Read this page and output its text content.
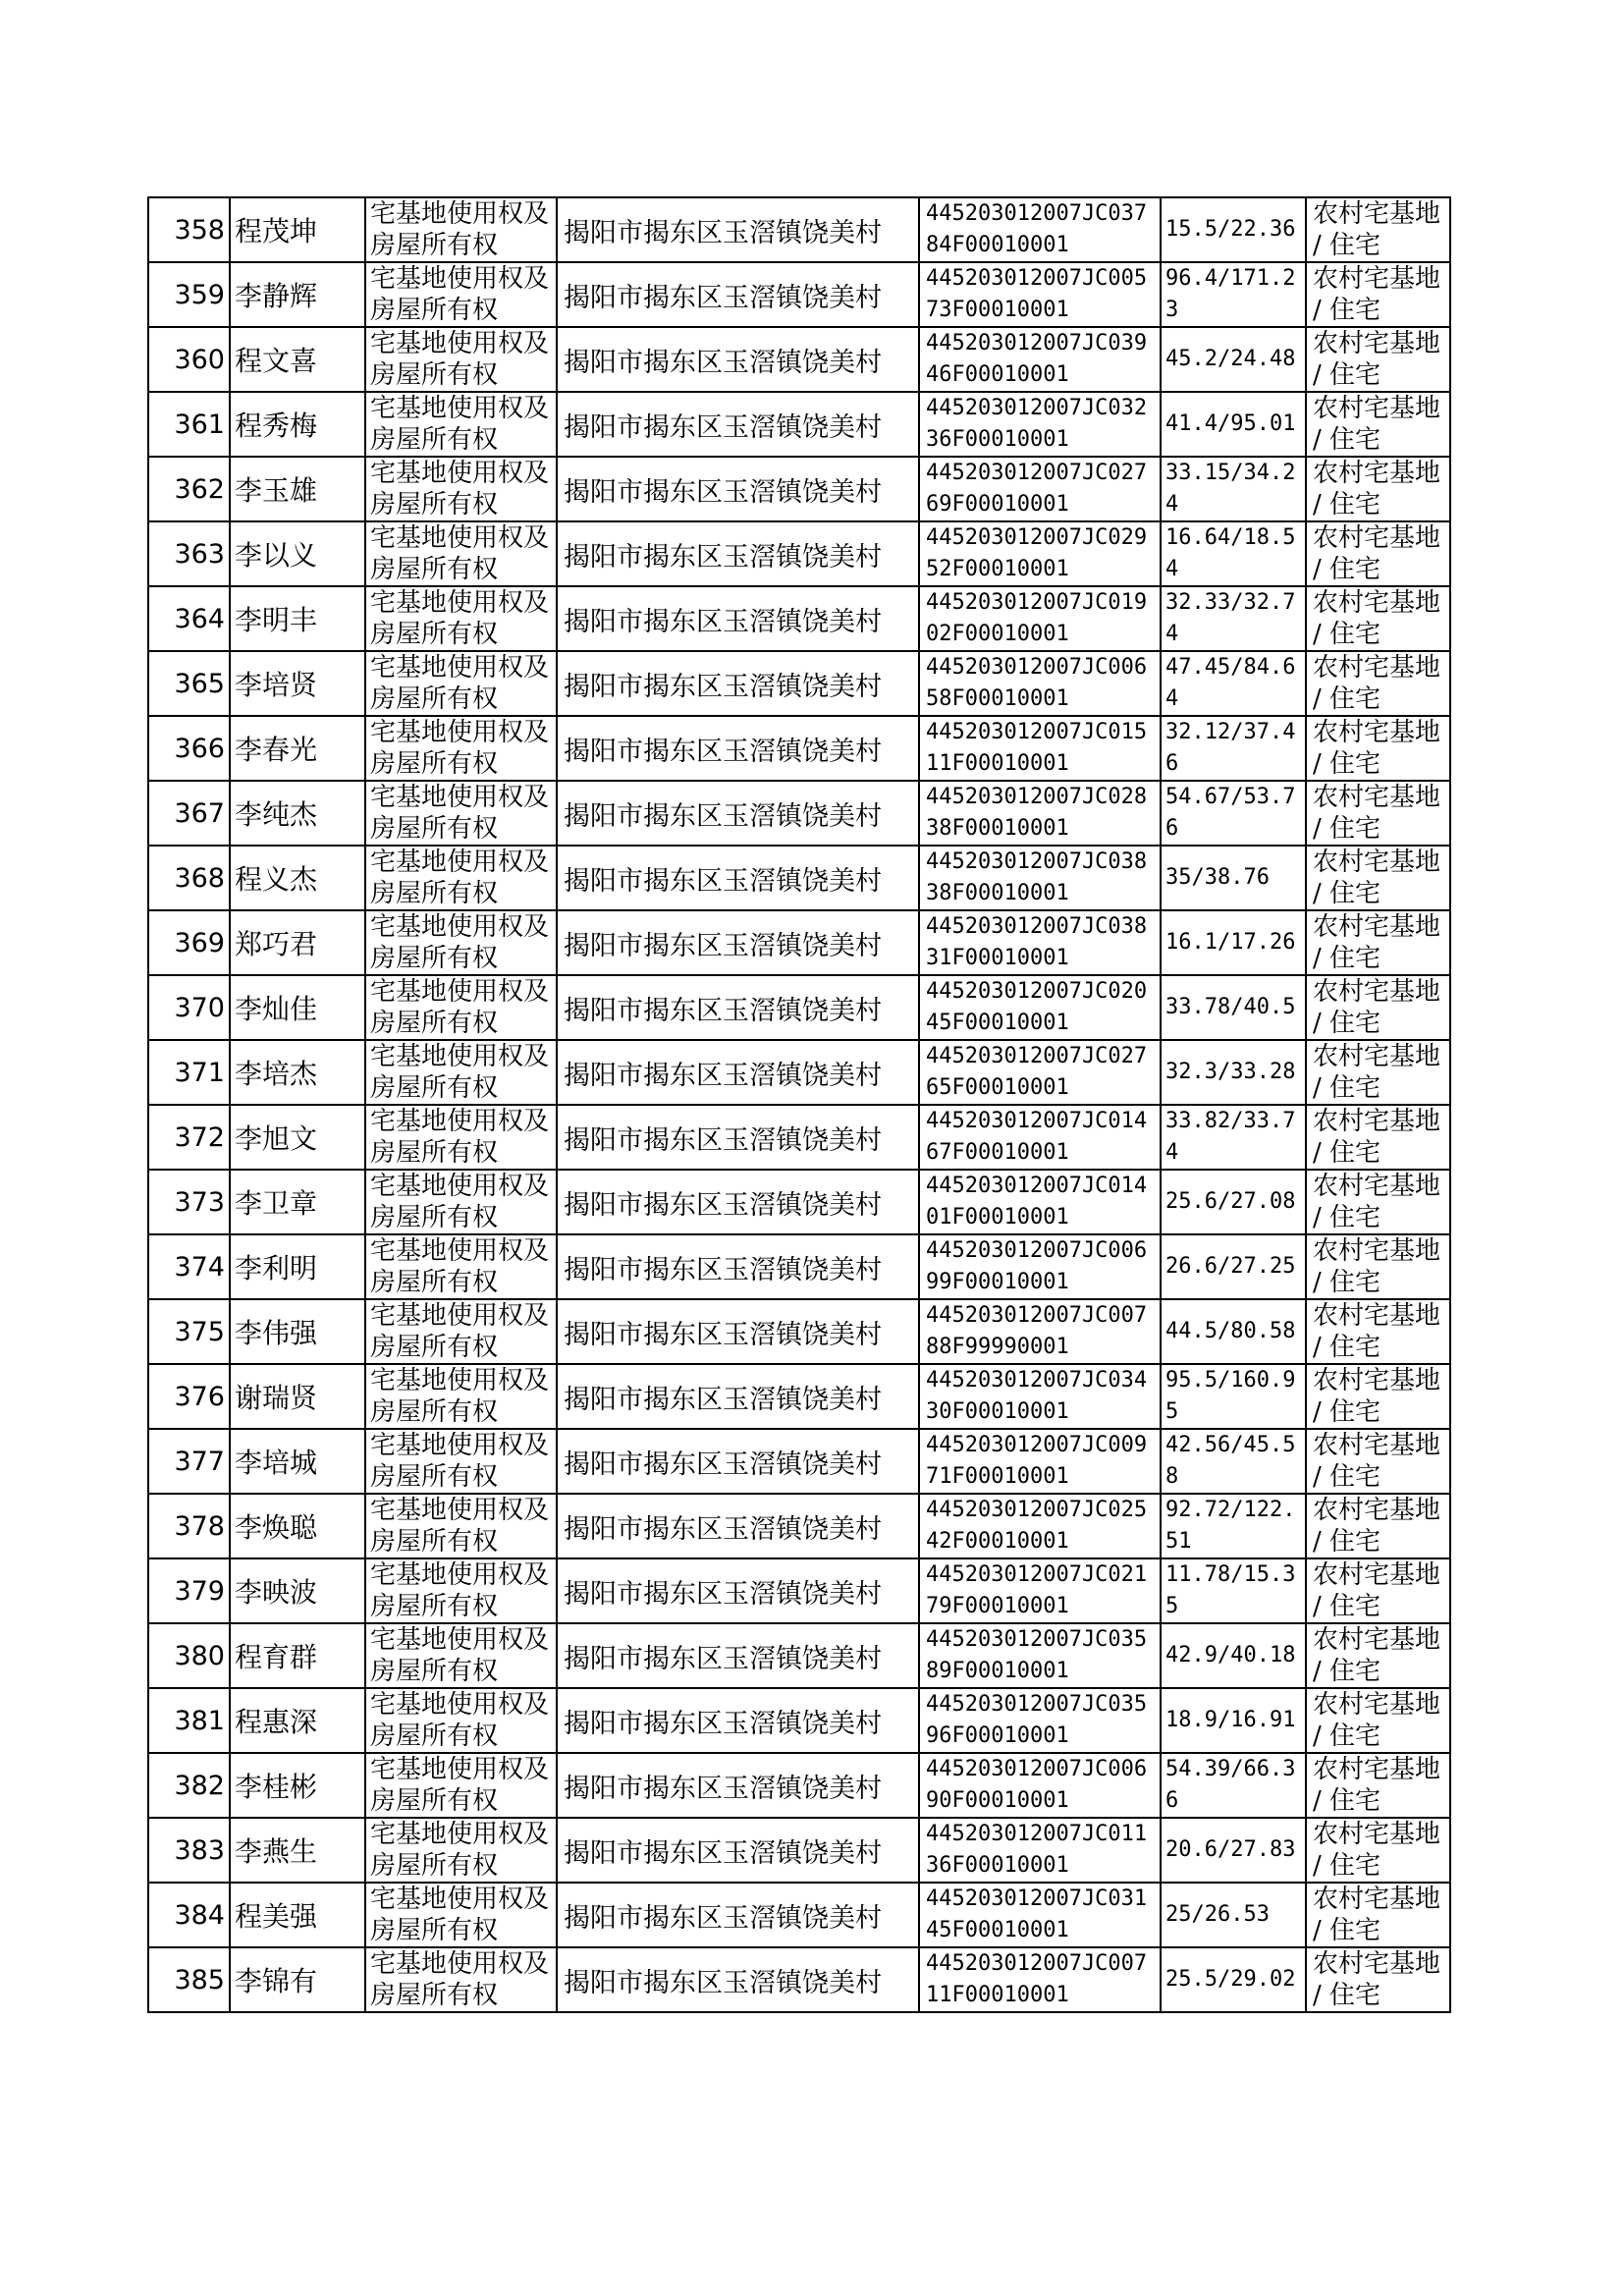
358	程茂坤	宅基地使用权及房屋所有权	揭阳市揭东区玉滘镇饶美村	445203012007JC03784F00010001	15.5/22.36	农村宅基地 / 住宅

359	李静辉	宅基地使用权及房屋所有权	揭阳市揭东区玉滘镇饶美村	445203012007JC00573F00010001	96.4/171.23	农村宅基地 / 住宅

360	程文喜	宅基地使用权及房屋所有权	揭阳市揭东区玉滘镇饶美村	445203012007JC03946F00010001	45.2/24.48	农村宅基地 / 住宅

361	程秀梅	宅基地使用权及房屋所有权	揭阳市揭东区玉滘镇饶美村	445203012007JC03236F00010001	41.4/95.01	农村宅基地 / 住宅

362	李玉雄	宅基地使用权及房屋所有权	揭阳市揭东区玉滘镇饶美村	445203012007JC02769F00010001	33.15/34.24	农村宅基地 / 住宅

363	李以义	宅基地使用权及房屋所有权	揭阳市揭东区玉滘镇饶美村	445203012007JC02952F00010001	16.64/18.54	农村宅基地 / 住宅

364	李明丰	宅基地使用权及房屋所有权	揭阳市揭东区玉滘镇饶美村	445203012007JC01902F00010001	32.33/32.74	农村宅基地 / 住宅

365	李培贤	宅基地使用权及房屋所有权	揭阳市揭东区玉滘镇饶美村	445203012007JC00658F00010001	47.45/84.64	农村宅基地 / 住宅

366	李春光	宅基地使用权及房屋所有权	揭阳市揭东区玉滘镇饶美村	445203012007JC01511F00010001	32.12/37.46	农村宅基地 / 住宅

367	李纯杰	宅基地使用权及房屋所有权	揭阳市揭东区玉滘镇饶美村	445203012007JC02838F00010001	54.67/53.76	农村宅基地 / 住宅

368	程义杰	宅基地使用权及房屋所有权	揭阳市揭东区玉滘镇饶美村	445203012007JC03838F00010001	35/38.76	农村宅基地 / 住宅

369	郑巧君	宅基地使用权及房屋所有权	揭阳市揭东区玉滘镇饶美村	445203012007JC03831F00010001	16.1/17.26	农村宅基地 / 住宅

370	李灿佳	宅基地使用权及房屋所有权	揭阳市揭东区玉滘镇饶美村	445203012007JC02045F00010001	33.78/40.5	农村宅基地 / 住宅

371	李培杰	宅基地使用权及房屋所有权	揭阳市揭东区玉滘镇饶美村	445203012007JC02765F00010001	32.3/33.28	农村宅基地 / 住宅

372	李旭文	宅基地使用权及房屋所有权	揭阳市揭东区玉滘镇饶美村	445203012007JC01467F00010001	33.82/33.74	农村宅基地 / 住宅

373	李卫章	宅基地使用权及房屋所有权	揭阳市揭东区玉滘镇饶美村	445203012007JC01401F00010001	25.6/27.08	农村宅基地 / 住宅

374	李利明	宅基地使用权及房屋所有权	揭阳市揭东区玉滘镇饶美村	445203012007JC00699F00010001	26.6/27.25	农村宅基地 / 住宅

375	李伟强	宅基地使用权及房屋所有权	揭阳市揭东区玉滘镇饶美村	445203012007JC00788F99990001	44.5/80.58	农村宅基地 / 住宅

376	谢瑞贤	宅基地使用权及房屋所有权	揭阳市揭东区玉滘镇饶美村	445203012007JC03430F00010001	95.5/160.95	农村宅基地 / 住宅

377	李培城	宅基地使用权及房屋所有权	揭阳市揭东区玉滘镇饶美村	445203012007JC00971F00010001	42.56/45.58	农村宅基地 / 住宅

378	李焕聪	宅基地使用权及房屋所有权	揭阳市揭东区玉滘镇饶美村	445203012007JC02542F00010001	92.72/122.51	农村宅基地 / 住宅

379	李映波	宅基地使用权及房屋所有权	揭阳市揭东区玉滘镇饶美村	445203012007JC02179F00010001	11.78/15.35	农村宅基地 / 住宅

380	程育群	宅基地使用权及房屋所有权	揭阳市揭东区玉滘镇饶美村	445203012007JC03589F00010001	42.9/40.18	农村宅基地 / 住宅

381	程惠深	宅基地使用权及房屋所有权	揭阳市揭东区玉滘镇饶美村	445203012007JC03596F00010001	18.9/16.91	农村宅基地 / 住宅

382	李桂彬	宅基地使用权及房屋所有权	揭阳市揭东区玉滘镇饶美村	445203012007JC00690F00010001	54.39/66.36	农村宅基地 / 住宅

383	李燕生	宅基地使用权及房屋所有权	揭阳市揭东区玉滘镇饶美村	445203012007JC01136F00010001	20.6/27.83	农村宅基地 / 住宅

384	程美强	宅基地使用权及房屋所有权	揭阳市揭东区玉滘镇饶美村	445203012007JC03145F00010001	25/26.53	农村宅基地 / 住宅

385	李锦有	宅基地使用权及房屋所有权	揭阳市揭东区玉滘镇饶美村	445203012007JC00711F00010001	25.5/29.02	农村宅基地 / 住宅
